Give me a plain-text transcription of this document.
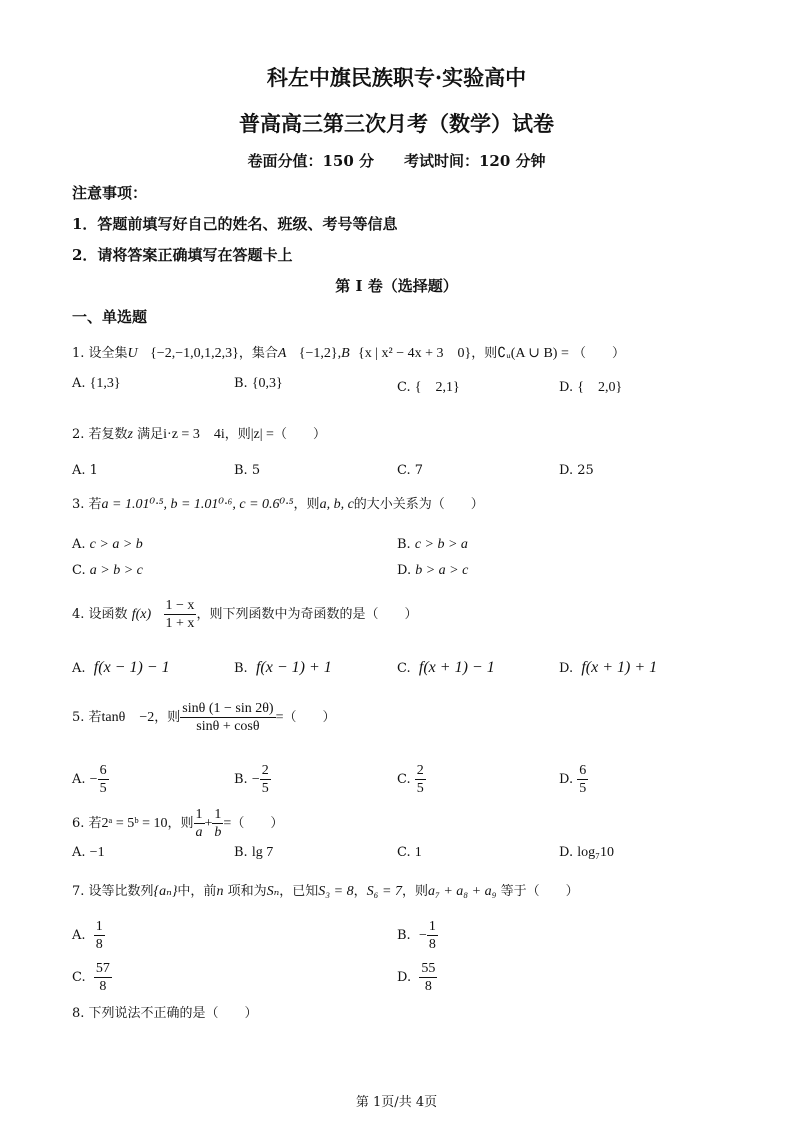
科左中旗民族职专·实验高中
普高高三第三次月考（数学）试卷
卷面分值：150 分　　考试时间：120 分钟
注意事项：
1．答题前填写好自己的姓名、班级、考号等信息
2．请将答案正确填写在答题卡上
第 I 卷（选择题）
一、单选题
1. 设全集U {−2,−1,0,1,2,3}，集合A {−1,2},B {x | x² − 4x + 3　0}，则∁ᵤ(A ∪ B) = （　　）
A. {1,3}	B. {0,3}	C. {　2,1}	D. {　2,0}
2. 若复数z 满足i·z = 3　4i，则|z| =（　　）
A. 1	B. 5	C. 7	D. 25
3. 若a = 1.01⁰·⁵, b = 1.01⁰·⁶, c = 0.6⁰·⁵，则a, b, c的大小关系为（　　）
A. c > a > b	B. c > b > a
C. a > b > c	D. b > a > c
4. 设函数 $f(x) \frac{1 - x}{1 + x}$ ，则下列函数中为奇函数的是（　　）
A. f(x − 1) − 1	B. f(x − 1) + 1	C. f(x + 1) − 1	D. f(x + 1) + 1
5. 若tanθ　−2，则 $\frac{\sin\theta (1 - \sin 2\theta)}{\sin\theta + \cos\theta}$ =（　　）
A. − $\frac{6}{5}$	B. − $\frac{2}{5}$	C. $\frac{2}{5}$	D. $\frac{6}{5}$
6. 若2ᵃ = 5ᵇ = 10，则 $\frac{1}{a} + \frac{1}{b}$ =（　　）
A. −1	B. lg 7	C. 1	D. log₇10
7. 设等比数列{aₙ}中，前n 项和为Sₙ，已知S₃ = 8，S₆ = 7，则a₇ + a₈ + a₉ 等于（　　）
A. $\frac{1}{8}$	B. − $\frac{1}{8}$
C. $\frac{57}{8}$	D. $\frac{55}{8}$
8. 下列说法不正确的是（　　）
第 1页/共 4页
